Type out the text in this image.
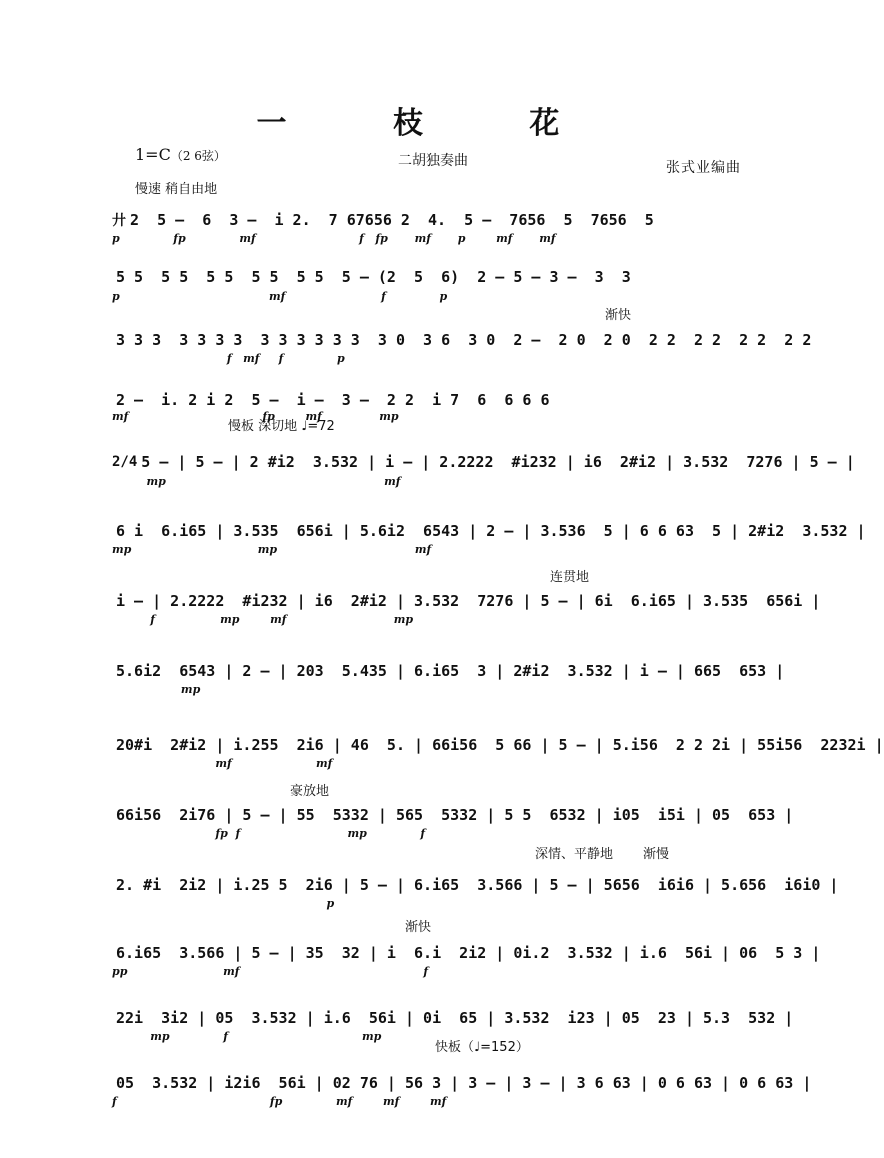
一 枝 花
1=C（2 6弦）	二胡独奏曲	张式业编曲
慢速 稍自由地
渐快
慢板 深切地 ♩=72
连贯地
豪放地
深情、平静地 渐慢
渐快
快板（♩=152）
廾 2  5 –  6  3 –  i 2.  7 67656 2  4.  5 –  7656  5  7656  5
5 5  5 5  5 5  5 5  5 5  5 – (2  5  6)  2 – 5 – 3 –  3  3
3 3 3  3 3 3 3  3 3 3 3 3 3  3 0  3 6  3 0  2 –  2 0  2 0  2 2  2 2  2 2  2 2
2 –  i. 2 i 2  5 –  i –  3 –  2 2  i 7  6  6 6 6
2/4 5 – | 5 – | 2 #i2  3.532 | i – | 2.2222  #i232 | i6  2#i2 | 3.532  7276 | 5 – |
6 i  6.i65 | 3.535  656i | 5.6i2  6543 | 2 – | 3.536  5 | 6 6 63  5 | 2#i2  3.532 |
i – | 2.2222  #i232 | i6  2#i2 | 3.532  7276 | 5 – | 6i  6.i65 | 3.535  656i |
5.6i2  6543 | 2 – | 203  5.435 | 6.i65  3 | 2#i2  3.532 | i – | 665  653 |
20#i  2#i2 | i.255  2i6 | 46  5. | 66i56  5 66 | 5 – | 5.i56  2 2 2i | 55i56  2232i |
66i56  2i76 | 5 – | 55  5332 | 565  5332 | 5 5  6532 | i05  i5i | 05  653 |
2. #i  2i2 | i.25 5  2i6 | 5 – | 6.i65  3.566 | 5 – | 5656  i6i6 | 5.656  i6i0 |
6.i65  3.566 | 5 – | 35  32 | i  6.i  2i2 | 0i.2  3.532 | i.6  56i | 06  5 3 |
22i  3i2 | 05  3.532 | i.6  56i | 0i  65 | 3.532  i23 | 05  23 | 5.3  532 |
05  3.532 | i2i6  56i | 02 76 | 56 3 | 3 – | 3 – | 3 6 63 | 0 6 63 | 0 6 63 |
p              fp              mf                           f   fp       mf       p        mf       mf
p                                       mf                         f              p
f   mf     f              p
mf                                   fp        mf               mp
mp                                                         mf
mp                                 mp                                    mf
f                 mp        mf                            mp
mp
mf                      mf
fp  f                            mp              f
p
pp                         mf                                                f
mp              f                                   mp
f                                        fp              mf        mf        mf
